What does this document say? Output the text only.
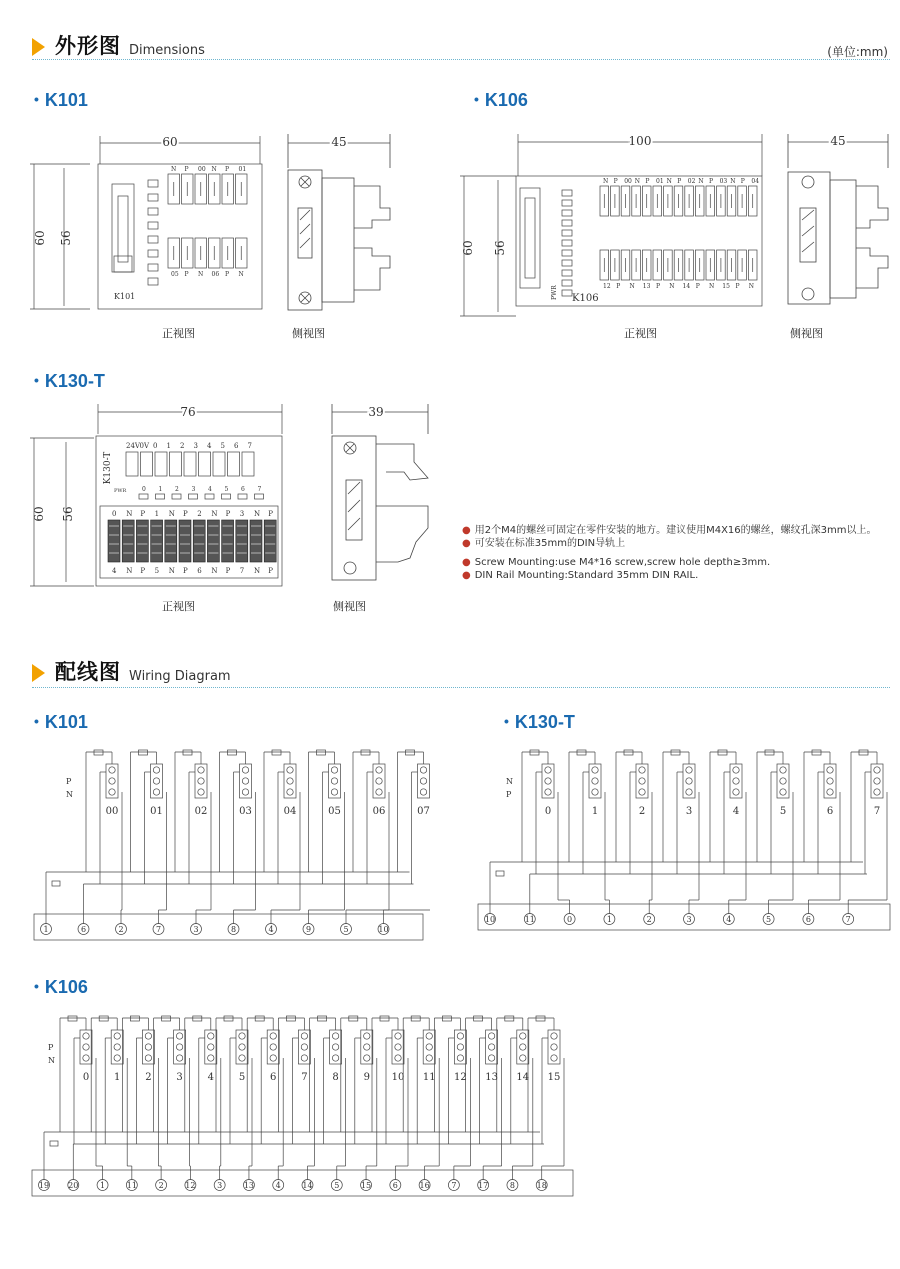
外形图 Dimensions	(单位:mm)
• K101	• K106
60
60 56
K101
N P 00 N P 01
05 P N 06 P N
正视图
45
侧视图
100
60 56
K106
PWR
N P 00 N P 01 N P 02 N P 03 N P 04
12 P N 13 P N 14 P N 15 P N
正视图
45
侧视图
• K130-T
76
60 56
K130-T
PWR
24V 0V 0 1 2 3 4 5 6 7
0 1 2 3 4 5 6 7
0 N P 1 N P 2 N P 3 N P
4 N P 5 N P 6 N P 7 N P
正视图
39
侧视图
● 用2个M4的螺丝可固定在零件安装的地方。建议使用M4X16的螺丝，螺纹孔深3mm以上。
● 可安装在标准35mm的DIN导轨上
● Screw Mounting:use M4*16 screw,screw hole depth≥3mm.
● DIN Rail Mounting:Standard 35mm DIN RAIL.
配线图 Wiring Diagram
• K101	• K130-T
• K106
P
N
1	6	2	7	3	8	4	9	5	10
00	01	02	03	04	05	06	07
N
P
10	11	0	1	2	3	4	5	6	7
0	1	2	3	4	5	6	7
P
N
19 20	1	11	2	12	3	13	4	14	5	15	6	16	7	17	8	18
0 1 2 3 4 5 6 7 8 9 10 11 12 13 14 15
